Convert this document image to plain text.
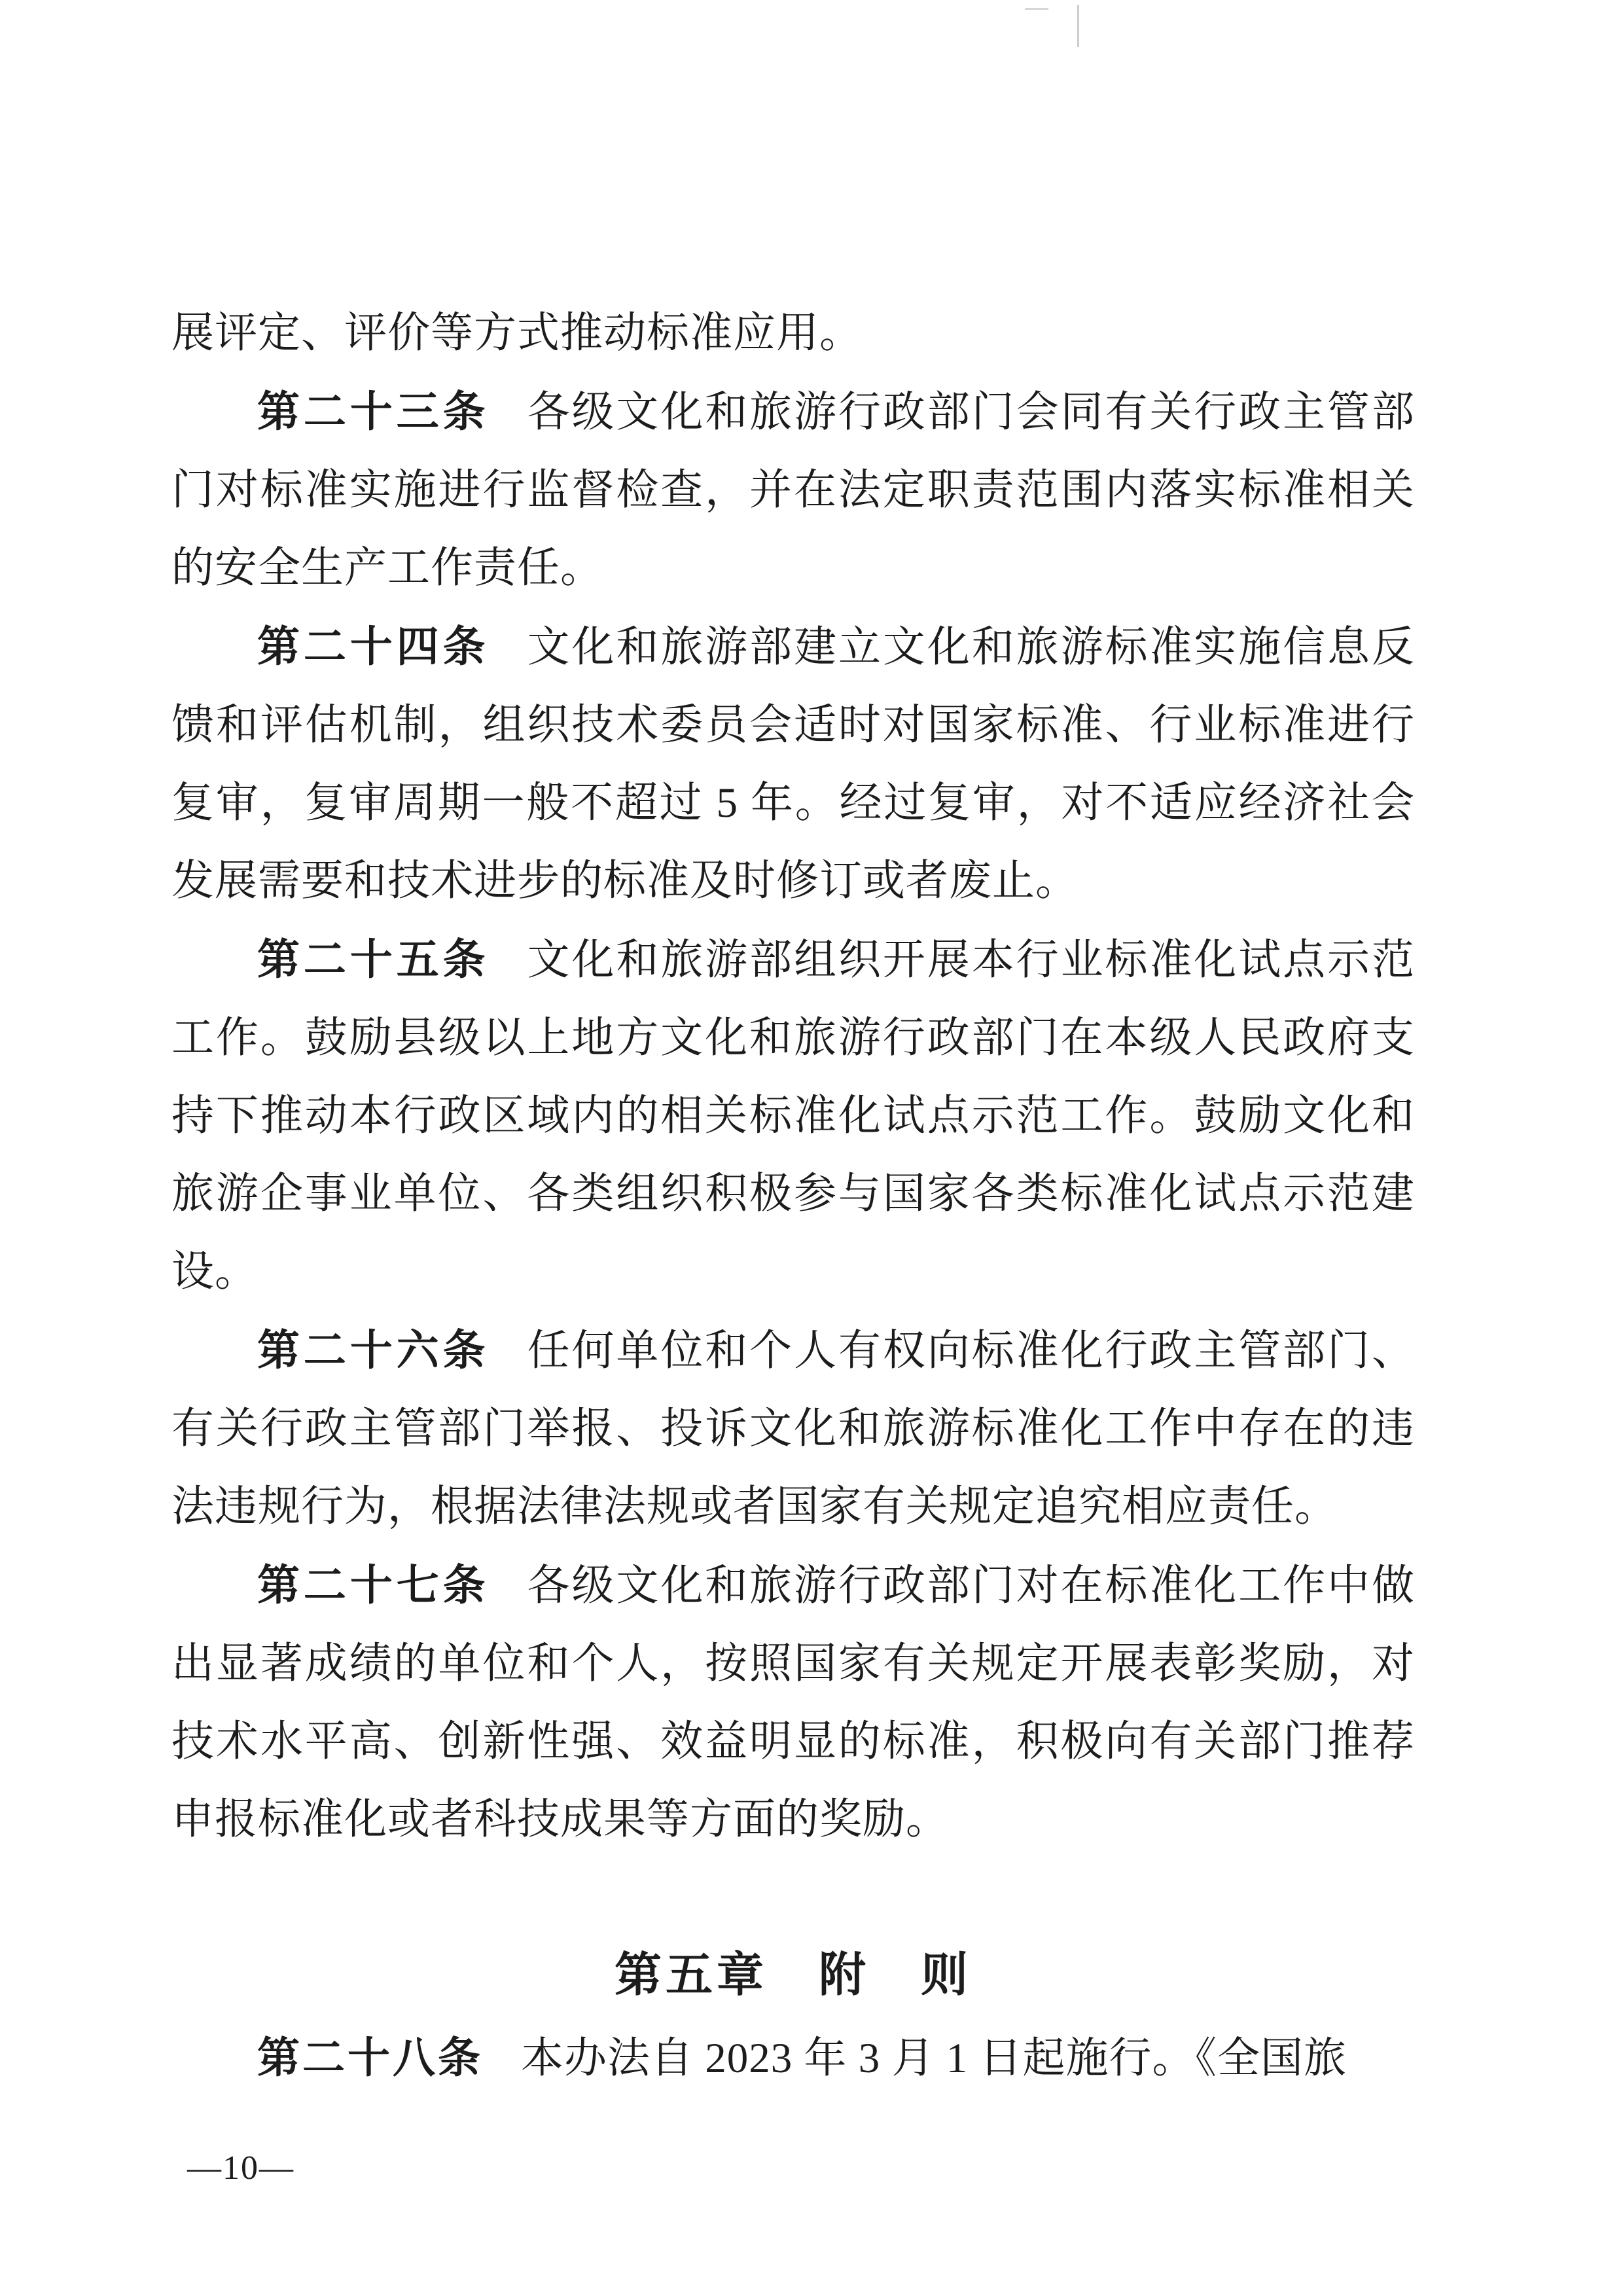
展评定、评价等方式推动标准应用。

第二十三条 各级文化和旅游行政部门会同有关行政主管部门对标准实施进行监督检查，并在法定职责范围内落实标准相关的安全生产工作责任。

第二十四条 文化和旅游部建立文化和旅游标准实施信息反馈和评估机制，组织技术委员会适时对国家标准、行业标准进行复审，复审周期一般不超过 5 年。经过复审，对不适应经济社会发展需要和技术进步的标准及时修订或者废止。

第二十五条 文化和旅游部组织开展本行业标准化试点示范工作。鼓励县级以上地方文化和旅游行政部门在本级人民政府支持下推动本行政区域内的相关标准化试点示范工作。鼓励文化和旅游企事业单位、各类组织积极参与国家各类标准化试点示范建设。

第二十六条 任何单位和个人有权向标准化行政主管部门、有关行政主管部门举报、投诉文化和旅游标准化工作中存在的违法违规行为，根据法律法规或者国家有关规定追究相应责任。

第二十七条 各级文化和旅游行政部门对在标准化工作中做出显著成绩的单位和个人，按照国家有关规定开展表彰奖励，对技术水平高、创新性强、效益明显的标准，积极向有关部门推荐申报标准化或者科技成果等方面的奖励。

第五章　附　则

第二十八条 本办法自 2023 年 3 月 1 日起施行。《全国旅

—10—
